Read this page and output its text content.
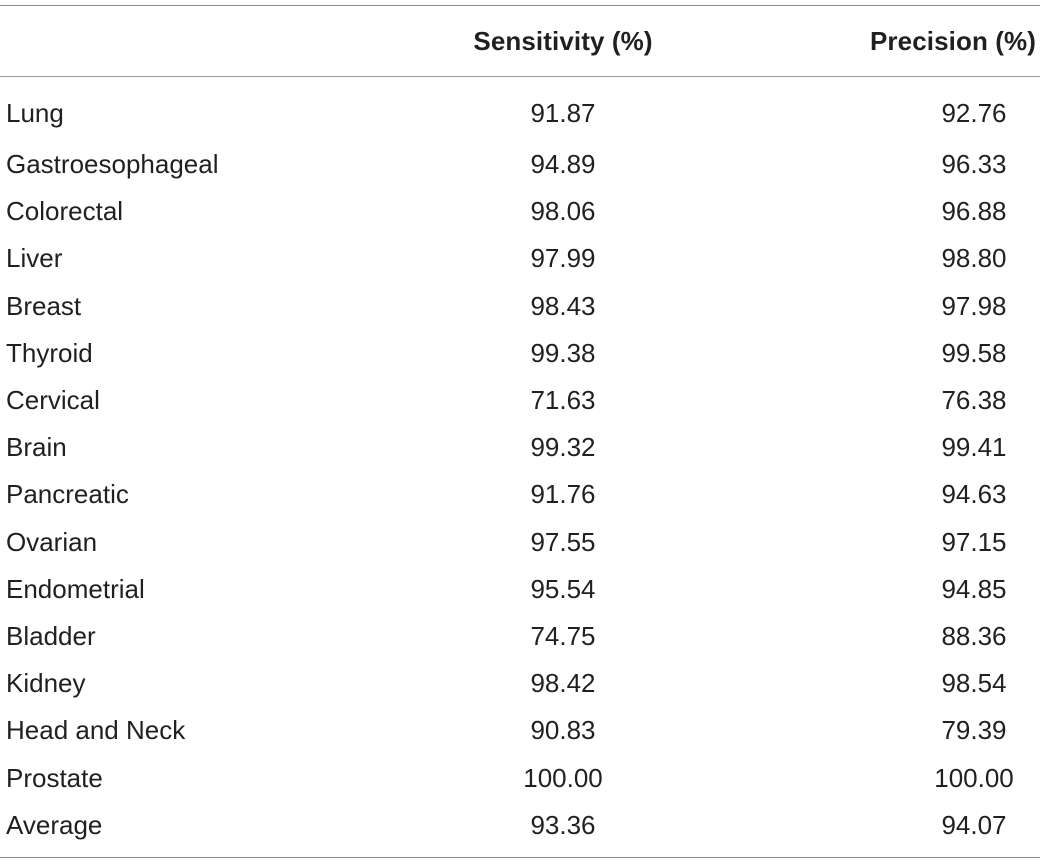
	Sensitivity (%)	Precision (%)
Lung	91.87	92.76
Gastroesophageal	94.89	96.33
Colorectal	98.06	96.88
Liver	97.99	98.80
Breast	98.43	97.98
Thyroid	99.38	99.58
Cervical	71.63	76.38
Brain	99.32	99.41
Pancreatic	91.76	94.63
Ovarian	97.55	97.15
Endometrial	95.54	94.85
Bladder	74.75	88.36
Kidney	98.42	98.54
Head and Neck	90.83	79.39
Prostate	100.00	100.00
Average	93.36	94.07
